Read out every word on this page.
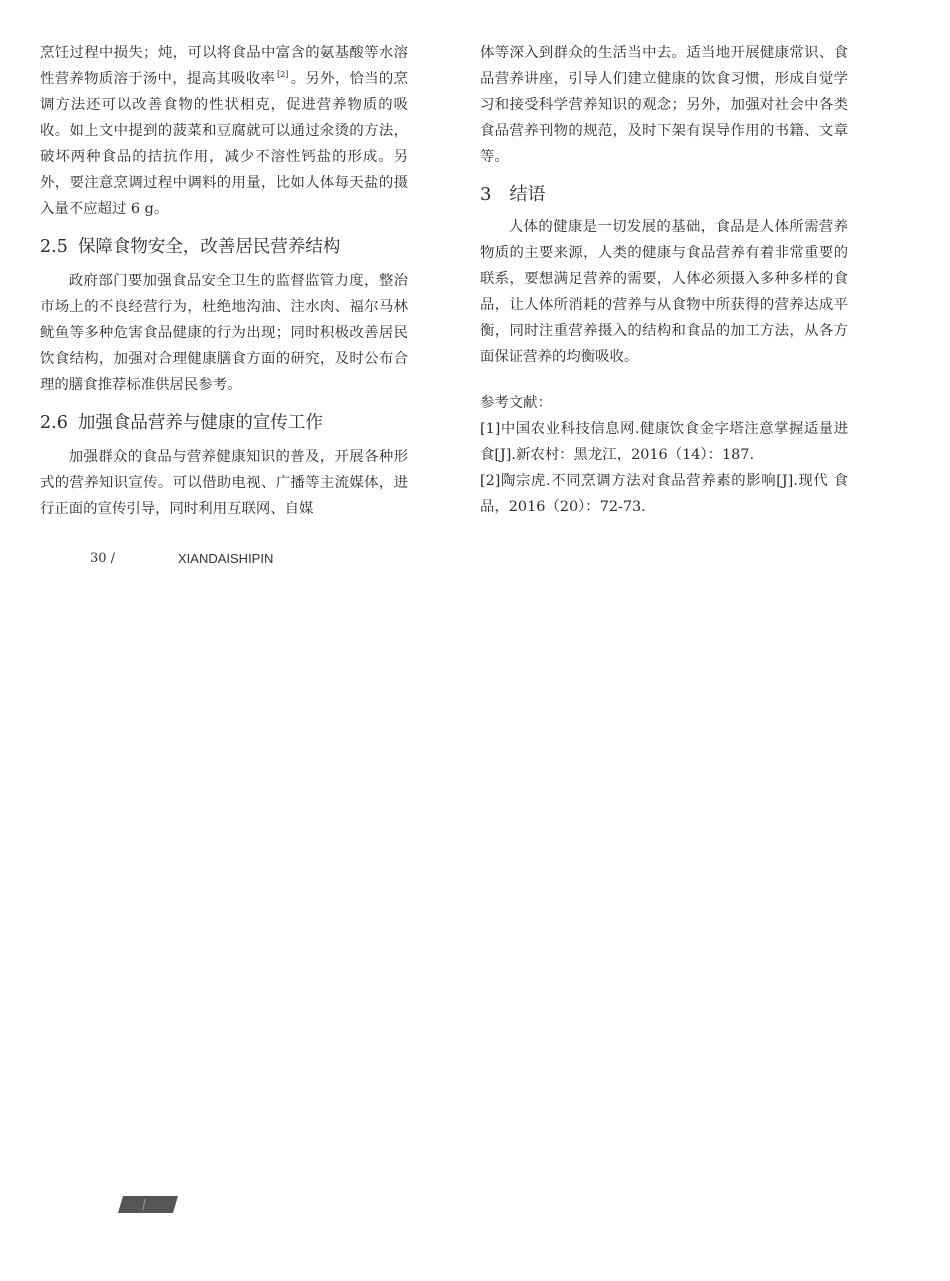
烹饪过程中损失；炖，可以将食品中富含的氨基酸等水溶性营养物质溶于汤中，提高其吸收率 [2] 。另外，恰当的烹调方法还可以改善食物的性状相克，促进营养物质的吸收。如上文中提到的菠菜和豆腐就可以通过氽烫的方法，破坏两种食品的拮抗作用，减少不溶性钙盐的形成。另外，要注意烹调过程中调料的用量，比如人体每天盐的摄入量不应超过 6 g。

2.5 保障食物安全，改善居民营养结构

政府部门要加强食品安全卫生的监督监管力度，整治市场上的不良经营行为，杜绝地沟油、注水肉、福尔马林鱿鱼等多种危害食品健康的行为出现；同时积极改善居民饮食结构，加强对合理健康膳食方面的研究，及时公布合理的膳食推荐标准供居民参考。

2.6 加强食品营养与健康的宣传工作

加强群众的食品与营养健康知识的普及，开展各种形式的营养知识宣传。可以借助电视、广播等主流媒体，进行正面的宣传引导，同时利用互联网、自媒

体等深入到群众的生活当中去。适当地开展健康常识、食品营养讲座，引导人们建立健康的饮食习惯，形成自觉学习和接受科学营养知识的观念；另外，加强对社会中各类食品营养刊物的规范，及时下架有误导作用的书籍、文章等。

3 结语

人体的健康是一切发展的基础，食品是人体所需营养物质的主要来源，人类的健康与食品营养有着非常重要的联系，要想满足营养的需要，人体必须摄入多种多样的食品，让人体所消耗的营养与从食物中所获得的营养达成平衡，同时注重营养摄入的结构和食品的加工方法，从各方面保证营养的均衡吸收。

参考文献：

[1]中国农业科技信息网.健康饮食金字塔注意掌握适量进食[J].新农村：黑龙江，2016（14）：187.

[2]陶宗虎.不同烹调方法对食品营养素的影响[J].现代 食品，2016（20）：72-73.

30 /	XIANDAISHIPIN
